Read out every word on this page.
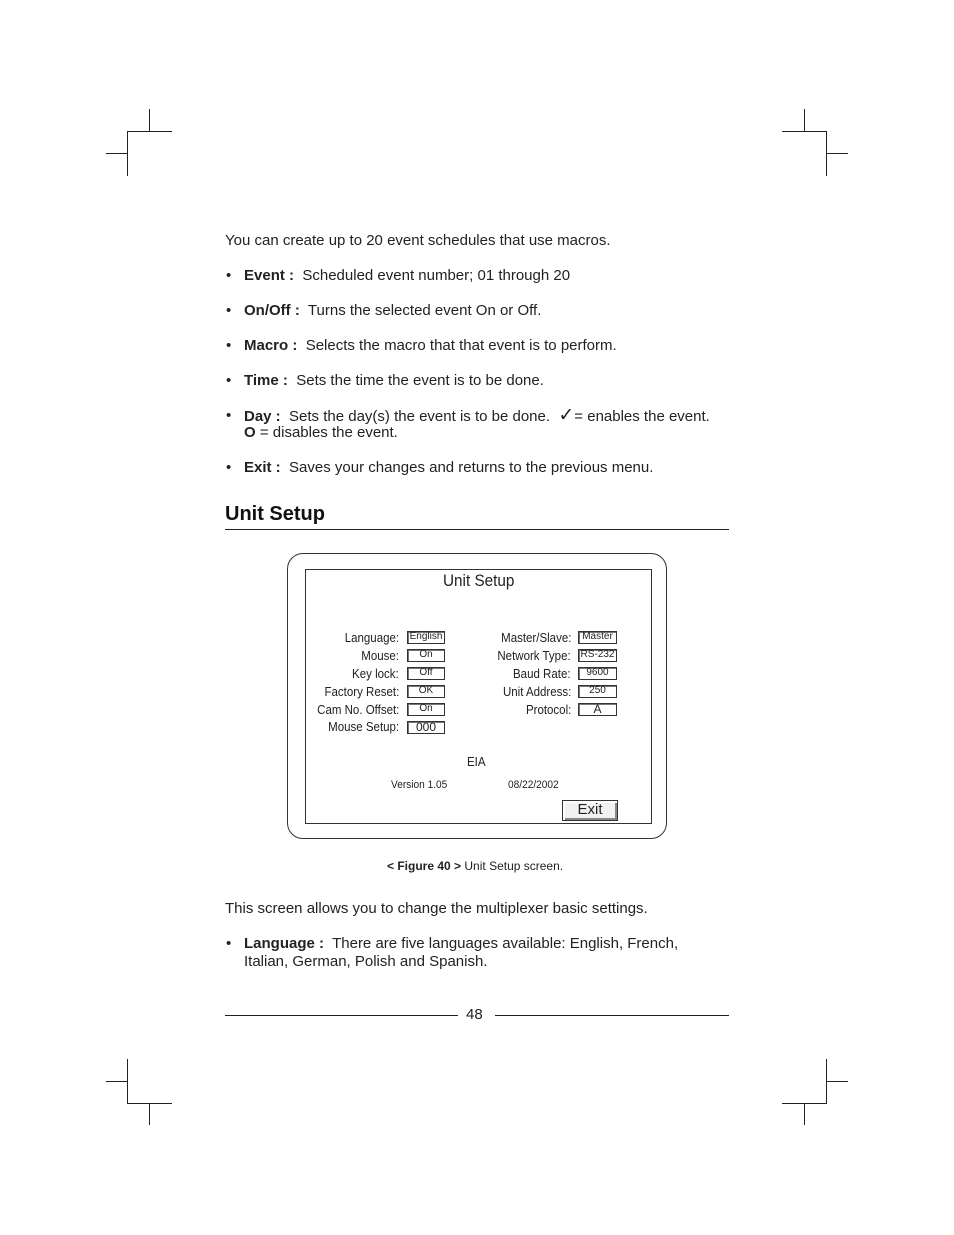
You can create up to 20 event schedules that use macros.
• Event : Scheduled event number; 01 through 20
• On/Off : Turns the selected event On or Off.
• Macro : Selects the macro that that event is to perform.
• Time : Sets the time the event is to be done.
• Day : Sets the day(s) the event is to be done. ✓= enables the event.
O = disables the event.
• Exit : Saves your changes and returns to the previous menu.
Unit Setup
Unit Setup
Language:
Mouse:
Key lock:
Factory Reset:
Cam No. Offset:
Mouse Setup:
English
On
Off
OK
On
000
Master/Slave:
Network Type:
Baud Rate:
Unit Address:
Protocol:
Master
RS-232
9600
250
A
EIA
Version 1.05	08/22/2002
Exit
< Figure 40 > Unit Setup screen.
This screen allows you to change the multiplexer basic settings.
• Language : There are five languages available: English, French,
Italian, German, Polish and Spanish.
48
